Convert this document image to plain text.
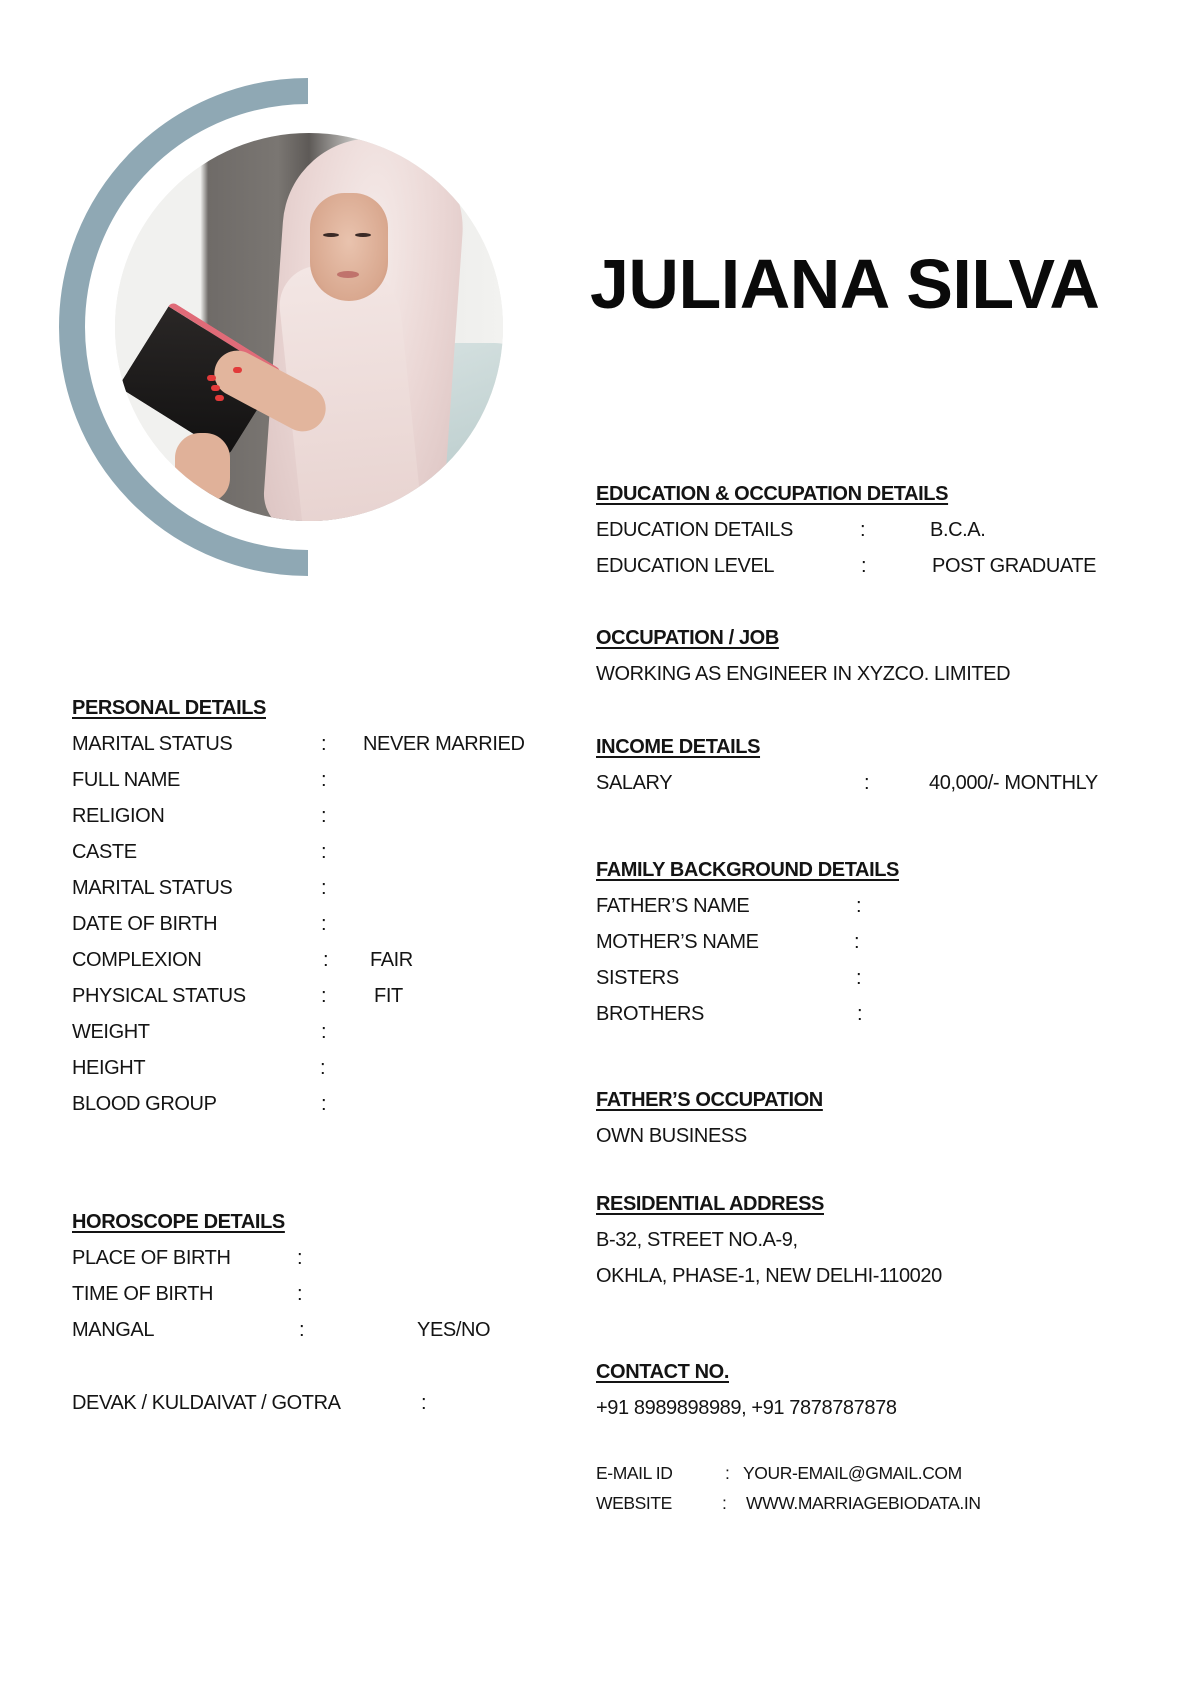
JULIANA SILVA
PERSONAL DETAILS
MARITAL STATUS	: NEVER MARRIED
FULL NAME	:
RELIGION	:
CASTE	:
MARITAL STATUS	:
DATE OF BIRTH	:
COMPLEXION	: FAIR
PHYSICAL STATUS	: FIT
WEIGHT	:
HEIGHT	:
BLOOD GROUP	:
HOROSCOPE DETAILS
PLACE OF BIRTH	:
TIME OF BIRTH	:
MANGAL	:	YES/NO
DEVAK / KULDAIVAT / GOTRA	:
EDUCATION & OCCUPATION DETAILS
EDUCATION DETAILS	:	B.C.A.
EDUCATION LEVEL	:	POST GRADUATE
OCCUPATION / JOB
WORKING AS ENGINEER IN XYZCO. LIMITED
INCOME DETAILS
SALARY	:	40,000/- MONTHLY
FAMILY BACKGROUND DETAILS
FATHER’S NAME	:
MOTHER’S NAME	:
SISTERS	:
BROTHERS	:
FATHER’S OCCUPATION
OWN BUSINESS
RESIDENTIAL ADDRESS
B-32, STREET NO.A-9,
OKHLA, PHASE-1, NEW DELHI-110020
CONTACT NO.
+91 8989898989, +91 7878787878
E-MAIL ID	: YOUR-EMAIL@GMAIL.COM
WEBSITE	: WWW.MARRIAGEBIODATA.IN
